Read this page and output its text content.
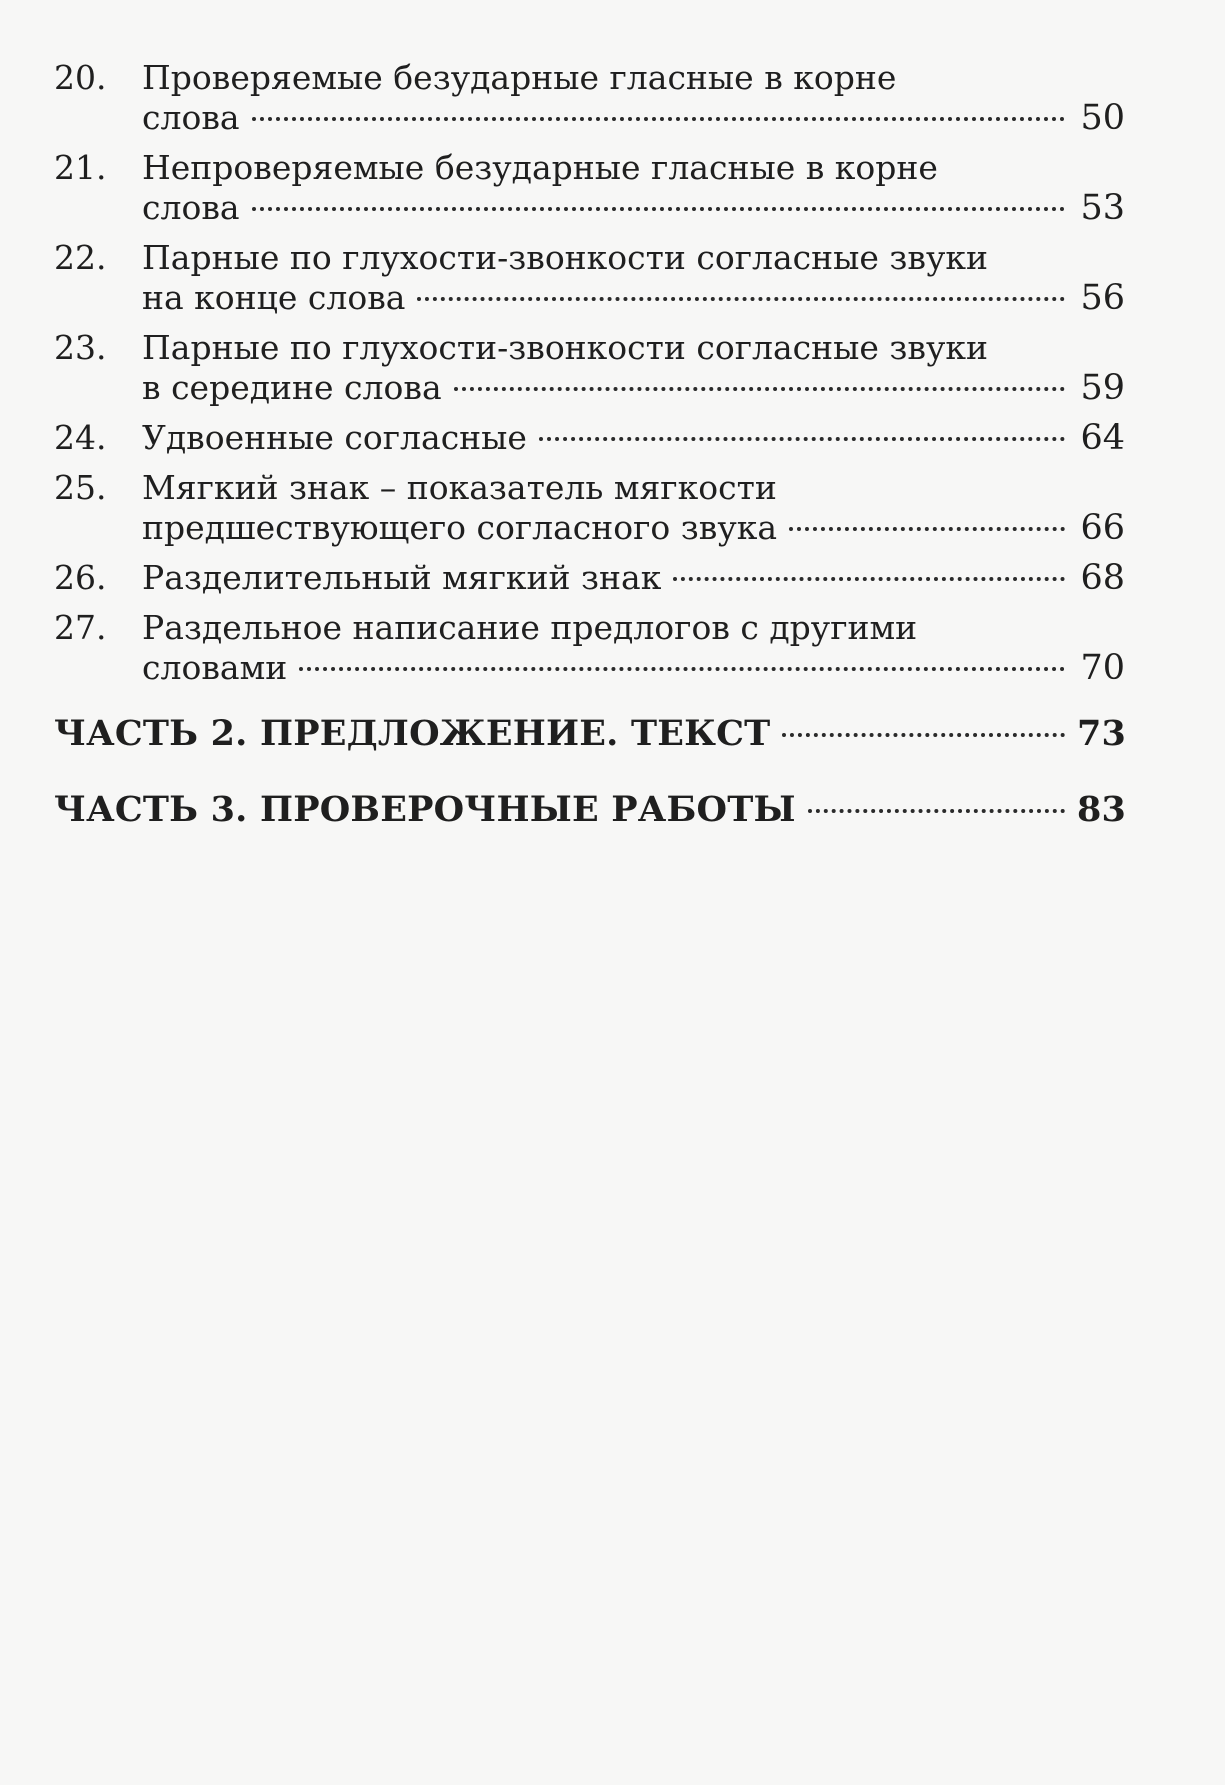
20.	Проверяемые безударные гласные в корне
слова	50
21.	Непроверяемые безударные гласные в корне
слова	53
22.	Парные по глухости-звонкости согласные звуки
на конце слова	56
23.	Парные по глухости-звонкости согласные звуки
в середине слова	59
24.	Удвоенные согласные	64
25.	Мягкий знак – показатель мягкости
предшествующего согласного звука	66
26.	Разделительный мягкий знак	68
27.	Раздельное написание предлогов с другими
словами	70
ЧАСТЬ 2. ПРЕДЛОЖЕНИЕ. ТЕКСТ	73
ЧАСТЬ 3. ПРОВЕРОЧНЫЕ РАБОТЫ	83
